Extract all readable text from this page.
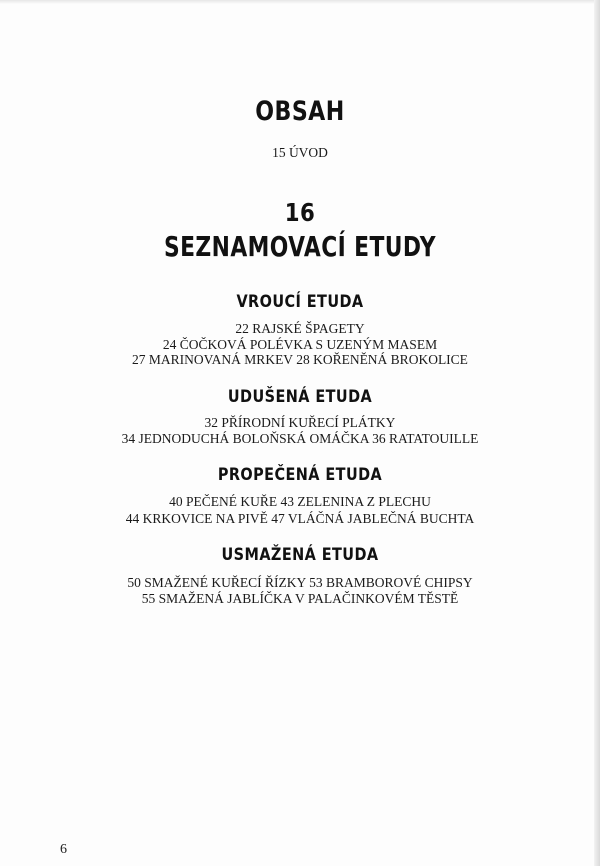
OBSAH
15 ÚVOD
16
SEZNAMOVACÍ ETUDY
VROUCÍ ETUDA
22 RAJSKÉ ŠPAGETY
24 ČOČKOVÁ POLÉVKA S UZENÝM MASEM
27 MARINOVANÁ MRKEV 28 KOŘENĚNÁ BROKOLICE
UDUŠENÁ ETUDA
32 PŘÍRODNÍ KUŘECÍ PLÁTKY
34 JEDNODUCHÁ BOLOŇSKÁ OMÁČKA 36 RATATOUILLE
PROPEČENÁ ETUDA
40 PEČENÉ KUŘE 43 ZELENINA Z PLECHU
44 KRKOVICE NA PIVĚ 47 VLÁČNÁ JABLEČNÁ BUCHTA
USMAŽENÁ ETUDA
50 SMAŽENÉ KUŘECÍ ŘÍZKY 53 BRAMBOROVÉ CHIPSY
55 SMAŽENÁ JABLÍČKA V PALAČINKOVÉM TĚSTĚ
6
